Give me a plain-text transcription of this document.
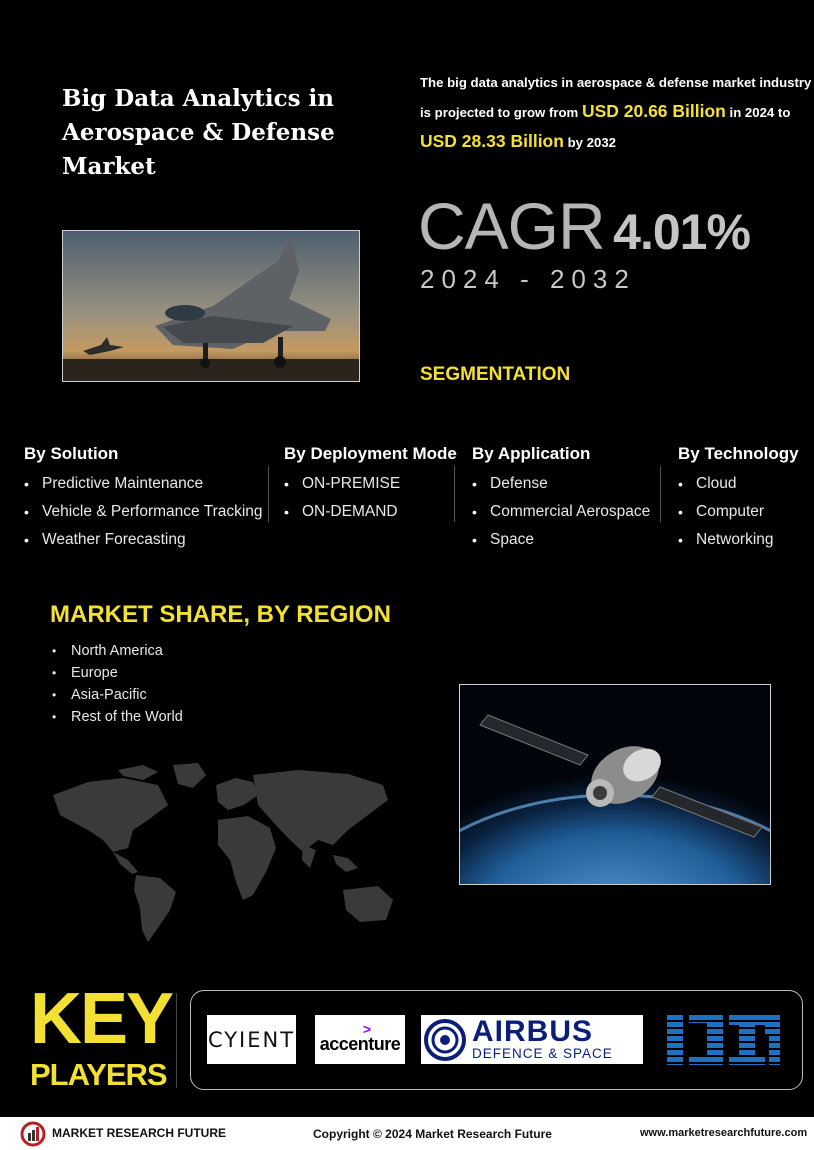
Big Data Analytics in
Aerospace & Defense
Market
The big data analytics in aerospace & defense market industry is projected to grow from USD 20.66 Billion in 2024 to
USD 28.33 Billion by 2032
CAGR 4.01%
2024 - 2032
SEGMENTATION
By Solution
• Predictive Maintenance
• Vehicle & Performance Tracking
• Weather Forecasting
By Deployment Mode
• ON-PREMISE
• ON-DEMAND
By Application
• Defense
• Commercial Aerospace
• Space
By Technology
• Cloud
• Computer
• Networking
MARKET SHARE, BY REGION
• North America
• Europe
• Asia-Pacific
• Rest of the World
KEY
PLAYERS
CYIENT	>
accenture AIRBUS
DEFENCE & SPACE
MARKET RESEARCH FUTURE	Copyright © 2024 Market Research Future	www.marketresearchfuture.com
